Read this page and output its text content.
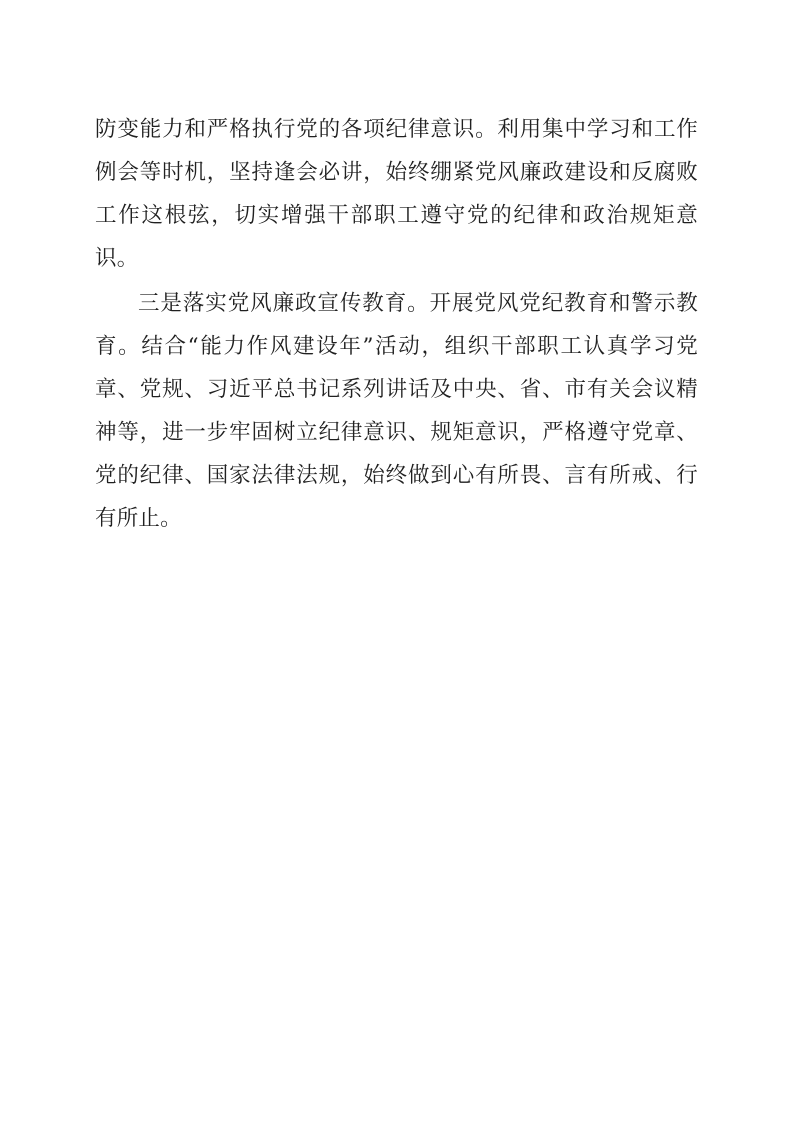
防变能力和严格执行党的各项纪律意识。利用集中学习和工作例会等时机，坚持逢会必讲，始终绷紧党风廉政建设和反腐败工作这根弦，切实增强干部职工遵守党的纪律和政治规矩意识。

三是落实党风廉政宣传教育。开展党风党纪教育和警示教育。结合“能力作风建设年”活动，组织干部职工认真学习党章、党规、习近平总书记系列讲话及中央、省、市有关会议精神等，进一步牢固树立纪律意识、规矩意识，严格遵守党章、党的纪律、国家法律法规，始终做到心有所畏、言有所戒、行有所止。
